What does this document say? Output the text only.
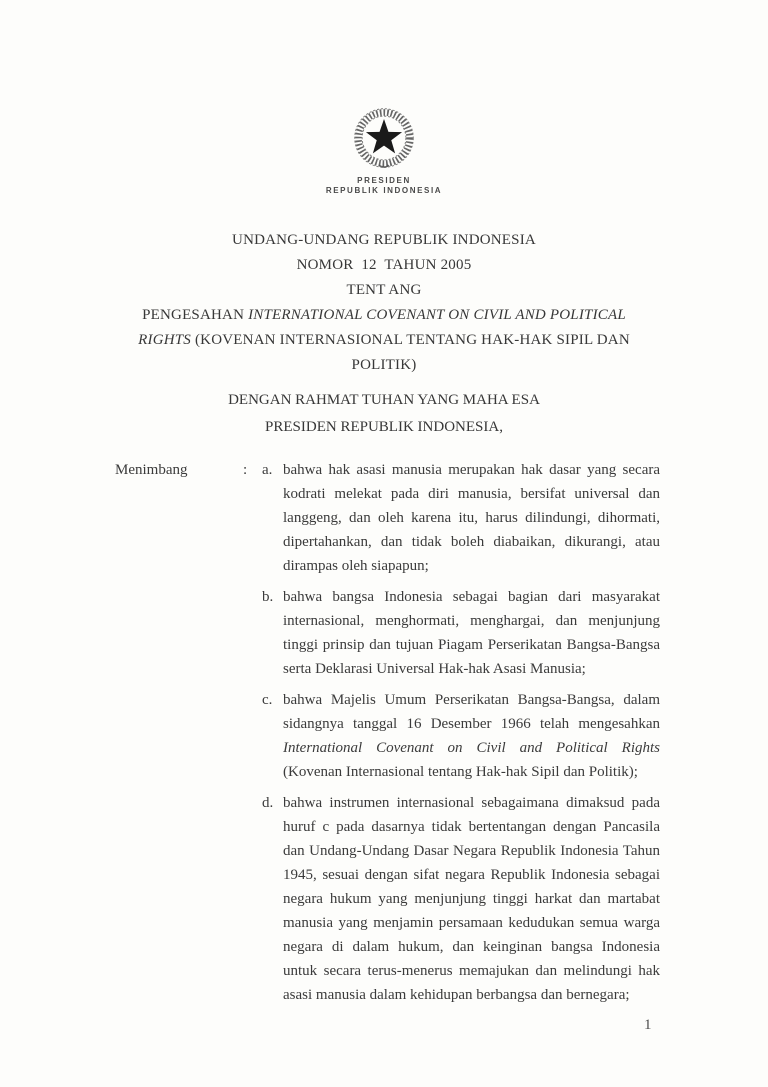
PRESIDEN
REPUBLIK INDONESIA
UNDANG-UNDANG REPUBLIK INDONESIA
NOMOR  12  TAHUN 2005
TENT ANG
PENGESAHAN INTERNATIONAL COVENANT ON CIVIL AND POLITICAL RIGHTS (KOVENAN INTERNASIONAL TENTANG HAK-HAK SIPIL DAN POLITIK)
DENGAN RAHMAT TUHAN YANG MAHA ESA
PRESIDEN REPUBLIK INDONESIA,
Menimbang	: a. bahwa hak asasi manusia merupakan hak dasar yang secara kodrati melekat pada diri manusia, bersifat universal dan langgeng, dan oleh karena itu, harus dilindungi, dihormati, dipertahankan, dan tidak boleh diabaikan, dikurangi, atau dirampas oleh siapapun;
b. bahwa bangsa Indonesia sebagai bagian dari masyarakat internasional, menghormati, menghargai, dan menjunjung tinggi prinsip dan tujuan Piagam Perserikatan Bangsa-Bangsa serta Deklarasi Universal Hak-hak Asasi Manusia;
c. bahwa Majelis Umum Perserikatan Bangsa-Bangsa, dalam sidangnya tanggal 16 Desember 1966 telah mengesahkan International Covenant on Civil and Political Rights (Kovenan Internasional tentang Hak-hak Sipil dan Politik);
d. bahwa instrumen internasional sebagaimana dimaksud pada huruf c pada dasarnya tidak bertentangan dengan Pancasila dan Undang-Undang Dasar Negara Republik Indonesia Tahun 1945, sesuai dengan sifat negara Republik Indonesia sebagai negara hukum yang menjunjung tinggi harkat dan martabat manusia yang menjamin persamaan kedudukan semua warga negara di dalam hukum, dan keinginan bangsa Indonesia untuk secara terus-menerus memajukan dan melindungi hak asasi manusia dalam kehidupan berbangsa dan bernegara;
1
